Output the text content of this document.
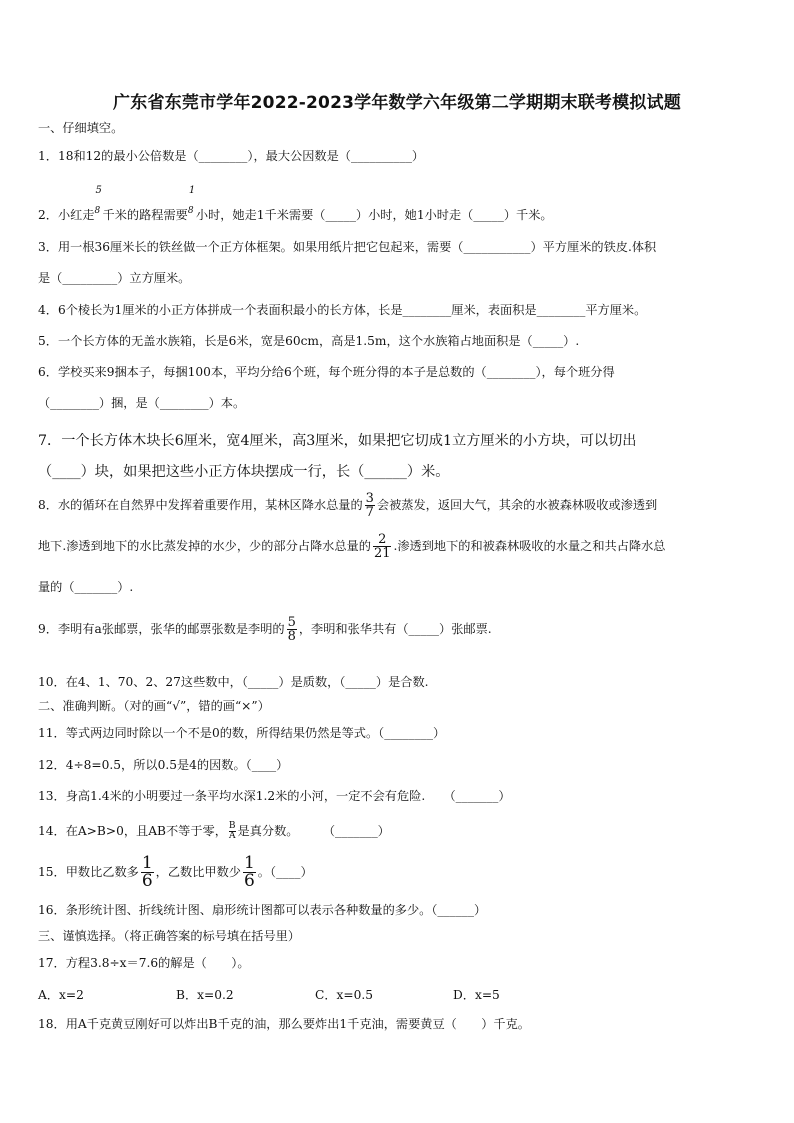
广东省东莞市学年2022-2023学年数学六年级第二学期期末联考模拟试题
一、仔细填空。
1．18和12的最小公倍数是（________），最大公因数是（__________）
2．小红走
5
8 千米的路程需要
1
8 小时，她走1千米需要（_____）小时，她1小时走（_____）千米。
3．用一根36厘米长的铁丝做一个正方体框架。如果用纸片把它包起来，需要（___________）平方厘米的铁皮.体积
是（_________）立方厘米。
4．6个棱长为1厘米的小正方体拼成一个表面积最小的长方体，长是________厘米，表面积是________平方厘米。
5．一个长方体的无盖水族箱，长是6米，宽是60cm，高是1.5m，这个水族箱占地面积是（_____）.
6．学校买来9捆本子，每捆100本，平均分给6个班，每个班分得的本子是总数的（________），每个班分得
（________）捆，是（________）本。
7．一个长方体木块长6厘米，宽4厘米，高3厘米，如果把它切成1立方厘米的小方块，可以切出
（____）块，如果把这些小正方体块摆成一行，长（______）米。
8．水的循环在自然界中发挥着重要作用，某林区降水总量的 $\frac{3}{7}$ 会被蒸发，返回大气，其余的水被森林吸收或渗透到
地下.渗透到地下的水比蒸发掉的水少，少的部分占降水总量的 $\frac{2}{21}$ .渗透到地下的和被森林吸收的水量之和共占降水总
量的（_______）.
9．李明有a张邮票，张华的邮票张数是李明的 $\frac{5}{8}$ ，李明和张华共有（_____）张邮票.
10．在4、1、70、2、27这些数中，（_____）是质数，（_____）是合数.
二、准确判断。（对的画“√”，错的画“×”）
11．等式两边同时除以一个不是0的数，所得结果仍然是等式。（________）
12．4÷8=0.5，所以0.5是4的因数。（____）
13．身高1.4米的小明要过一条平均水深1.2米的小河，一定不会有危险.　　（_______）
14．在A>B>0，且AB不等于零， $\frac{B}{A}$ 是真分数。　　　（_______）
15．甲数比乙数多 $\frac{1}{6}$ ，乙数比甲数少 $\frac{1}{6}$ 。（____）
16．条形统计图、折线统计图、扇形统计图都可以表示各种数量的多少。（______）
三、谨慎选择。（将正确答案的标号填在括号里）
17．方程3.8÷x＝7.6的解是（　　）。
A．x=2	B．x=0.2	C．x=0.5	D．x=5
18．用A千克黄豆刚好可以炸出B千克的油，那么要炸出1千克油，需要黄豆（　　）千克。
